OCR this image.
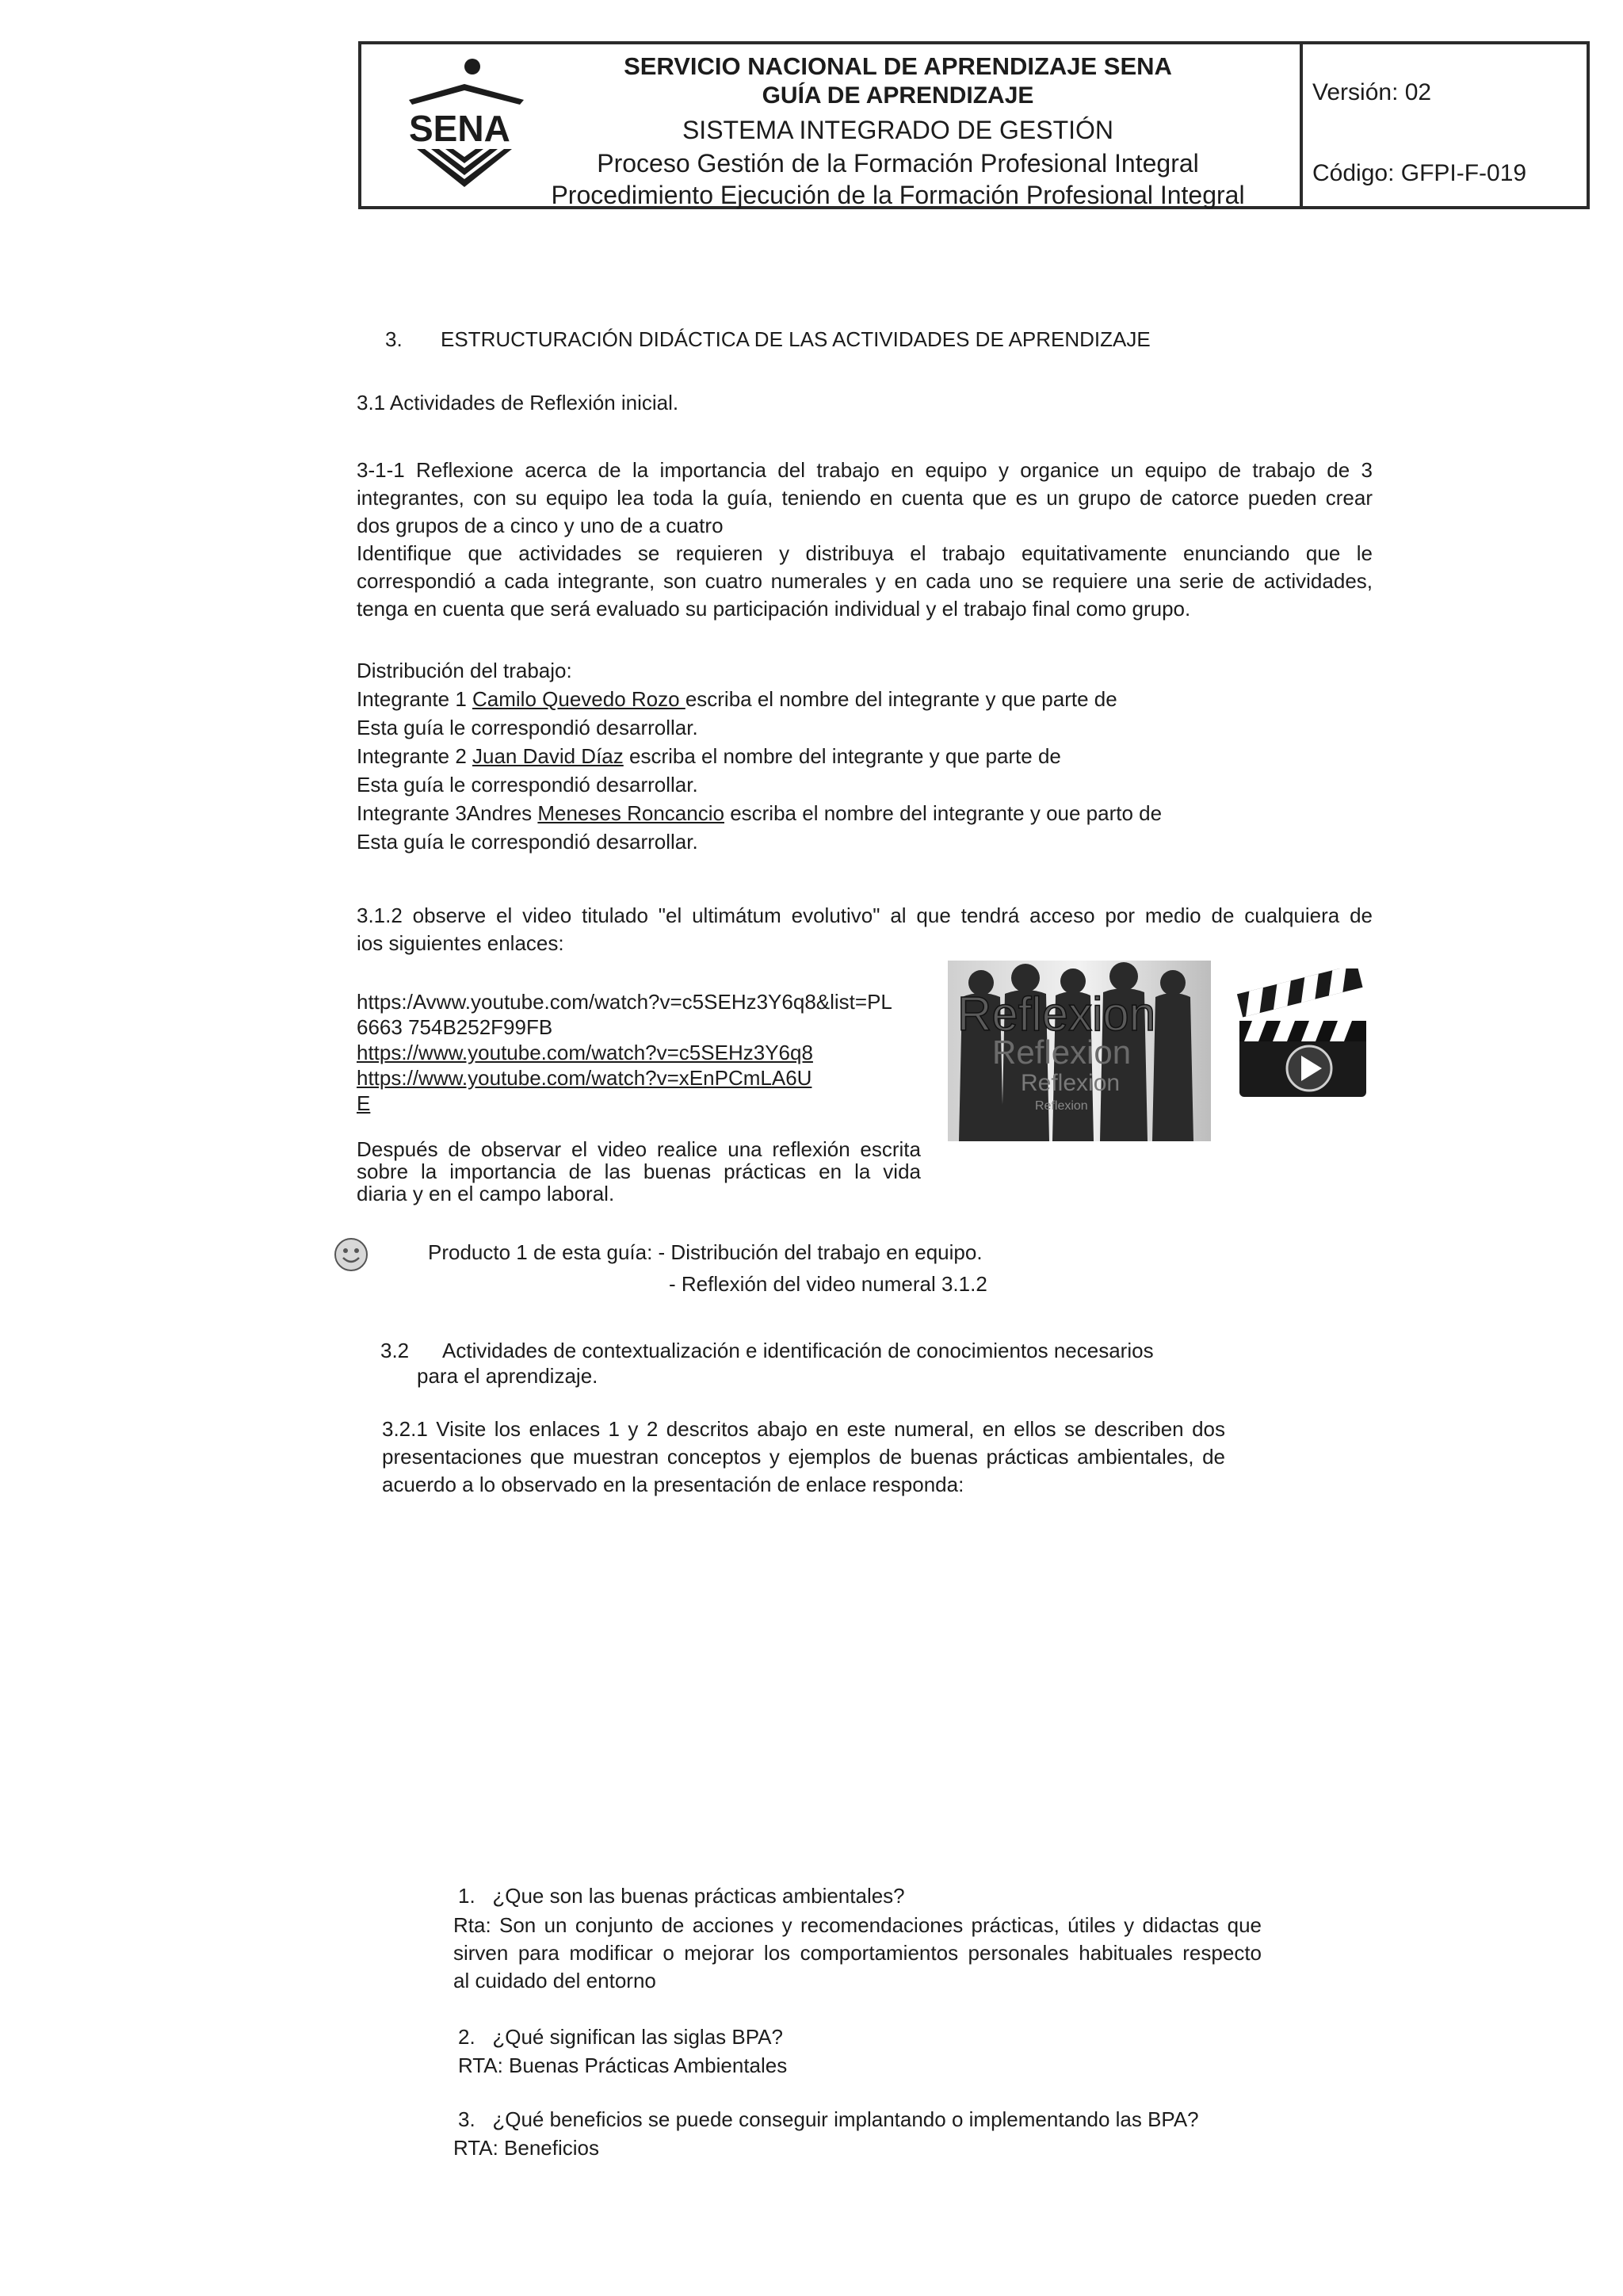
SENA
SERVICIO NACIONAL DE APRENDIZAJE SENA
GUÍA DE APRENDIZAJE
SISTEMA INTEGRADO DE GESTIÓN
Proceso Gestión de la Formación Profesional Integral
Procedimiento Ejecución de la Formación Profesional Integral
Versión: 02
Código: GFPI-F-019
3. ESTRUCTURACIÓN DIDÁCTICA DE LAS ACTIVIDADES DE APRENDIZAJE
3.1 Actividades de Reflexión inicial.
3-1-1 Reflexione acerca de la importancia del trabajo en equipo y organice un equipo de trabajo de 3
integrantes, con su equipo lea toda la guía, teniendo en cuenta que es un grupo de catorce pueden crear
dos grupos de a cinco y uno de a cuatro
Identifique que actividades se requieren y distribuya el trabajo equitativamente enunciando que le
correspondió a cada integrante, son cuatro numerales y en cada uno se requiere una serie de actividades,
tenga en cuenta que será evaluado su participación individual y el trabajo final como grupo.
Distribución del trabajo:
Integrante 1 Camilo Quevedo Rozo escriba el nombre del integrante y que parte de
Esta guía le correspondió desarrollar.
Integrante 2 Juan David Díaz escriba el nombre del integrante y que parte de
Esta guía le correspondió desarrollar.
Integrante 3Andres Meneses Roncancio escriba el nombre del integrante y oue parto de
Esta guía le correspondió desarrollar.
3.1.2 observe el video titulado "el ultimátum evolutivo" al que tendrá acceso por medio de cualquiera de
ios siguientes enlaces:
https:/Avww.youtube.com/watch?v=c5SEHz3Y6q8&list=PL
6663 754B252F99FB
https://www.youtube.com/watch?v=c5SEHz3Y6q8
https://www.youtube.com/watch?v=xEnPCmLA6U
E
Después de observar el video realice una reflexión escrita
sobre la importancia de las buenas prácticas en la vida
diaria y en el campo laboral.
Reflexion
Reflexion
Reflexion
Reflexion
Producto 1 de esta guía: - Distribución del trabajo en equipo.
- Reflexión del video numeral 3.1.2
3.2      Actividades de contextualización e identificación de conocimientos necesarios
para el aprendizaje.
3.2.1 Visite los enlaces 1 y 2 descritos abajo en este numeral, en ellos se describen dos
presentaciones que muestran conceptos y ejemplos de buenas prácticas ambientales, de
acuerdo a lo observado en la presentación de enlace responda:
1.   ¿Que son las buenas prácticas ambientales?
Rta: Son un conjunto de acciones y recomendaciones prácticas, útiles y didactas que
sirven para modificar o mejorar los comportamientos personales habituales respecto
al cuidado del entorno
2.   ¿Qué significan las siglas BPA?
RTA: Buenas Prácticas Ambientales
3.   ¿Qué beneficios se puede conseguir implantando o implementando las BPA?
RTA: Beneficios
